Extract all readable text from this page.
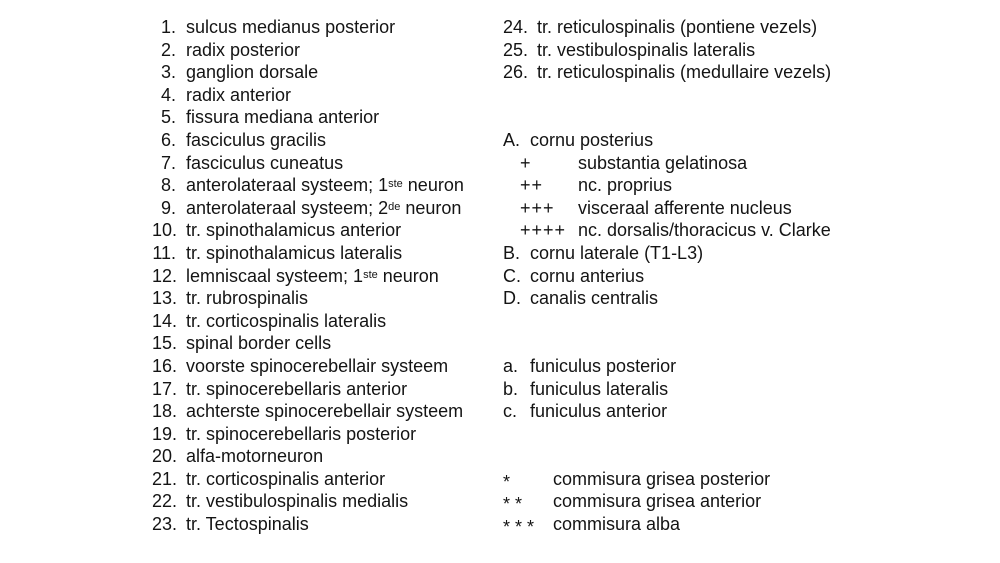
1. sulcus medianus posterior
2. radix posterior
3. ganglion dorsale
4. radix anterior
5. fissura mediana anterior
6. fasciculus gracilis
7. fasciculus cuneatus
8. anterolateraal systeem; 1ste neuron
9. anterolateraal systeem; 2de neuron
10. tr. spinothalamicus anterior
11. tr. spinothalamicus lateralis
12. lemniscaal systeem; 1ste neuron
13. tr. rubrospinalis
14. tr. corticospinalis lateralis
15. spinal border cells
16. voorste spinocerebellair systeem
17. tr. spinocerebellaris anterior
18. achterste spinocerebellair systeem
19. tr. spinocerebellaris posterior
20. alfa-motorneuron
21. tr. corticospinalis anterior
22. tr. vestibulospinalis medialis
23. tr. Tectospinalis
24. tr. reticulospinalis (pontiene vezels)
25. tr. vestibulospinalis lateralis
26. tr. reticulospinalis (medullaire vezels)
A. cornu posterius
+	substantia gelatinosa
++	nc. proprius
+++	visceraal afferente nucleus
++++ nc. dorsalis/thoracicus v. Clarke
B. cornu laterale (T1-L3)
C. cornu anterius
D. canalis centralis
a. funiculus posterior
b. funiculus lateralis
c. funiculus anterior
*	commisura grisea posterior
* *	commisura grisea anterior
* * *	commisura alba
